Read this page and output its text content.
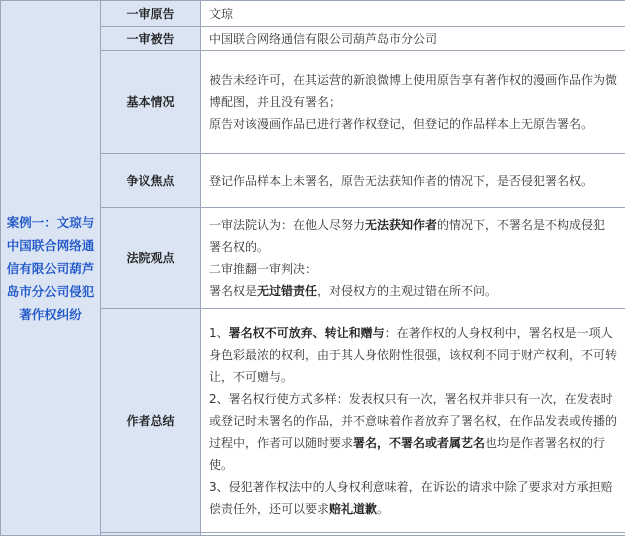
案例一：文琼与中国联合网络通信有限公司葫芦岛市分公司侵犯著作权纠纷	一审原告	文琼
	一审被告	中国联合网络通信有限公司葫芦岛市分公司
	基本情况	被告未经许可，在其运营的新浪微博上使用原告享有著作权的漫画作品作为微博配图，并且没有署名；
原告对该漫画作品已进行著作权登记，但登记的作品样本上无原告署名。

	争议焦点	登记作品样本上未署名，原告无法获知作者的情况下，是否侵犯署名权。
	法院观点	一审法院认为：在他人尽努力无法获知作者的情况下，不署名是不构成侵犯署名权的。
二审推翻一审判决：
署名权是无过错责任，对侵权方的主观过错在所不问。

	作者总结	1、署名权不可放弃、转让和赠与：在著作权的人身权利中，署名权是一项人身色彩最浓的权利，由于其人身依附性很强，该权利不同于财产权利，不可转让，不可赠与。
2、署名权行使方式多样：发表权只有一次，署名权并非只有一次，在发表时或登记时未署名的作品，并不意味着作者放弃了署名权，在作品发表或传播的过程中，作者可以随时要求署名，不署名或者属艺名也均是作者署名权的行使。
3、侵犯著作权法中的人身权利意味着，在诉讼的请求中除了要求对方承担赔偿责任外，还可以要求赔礼道歉。
